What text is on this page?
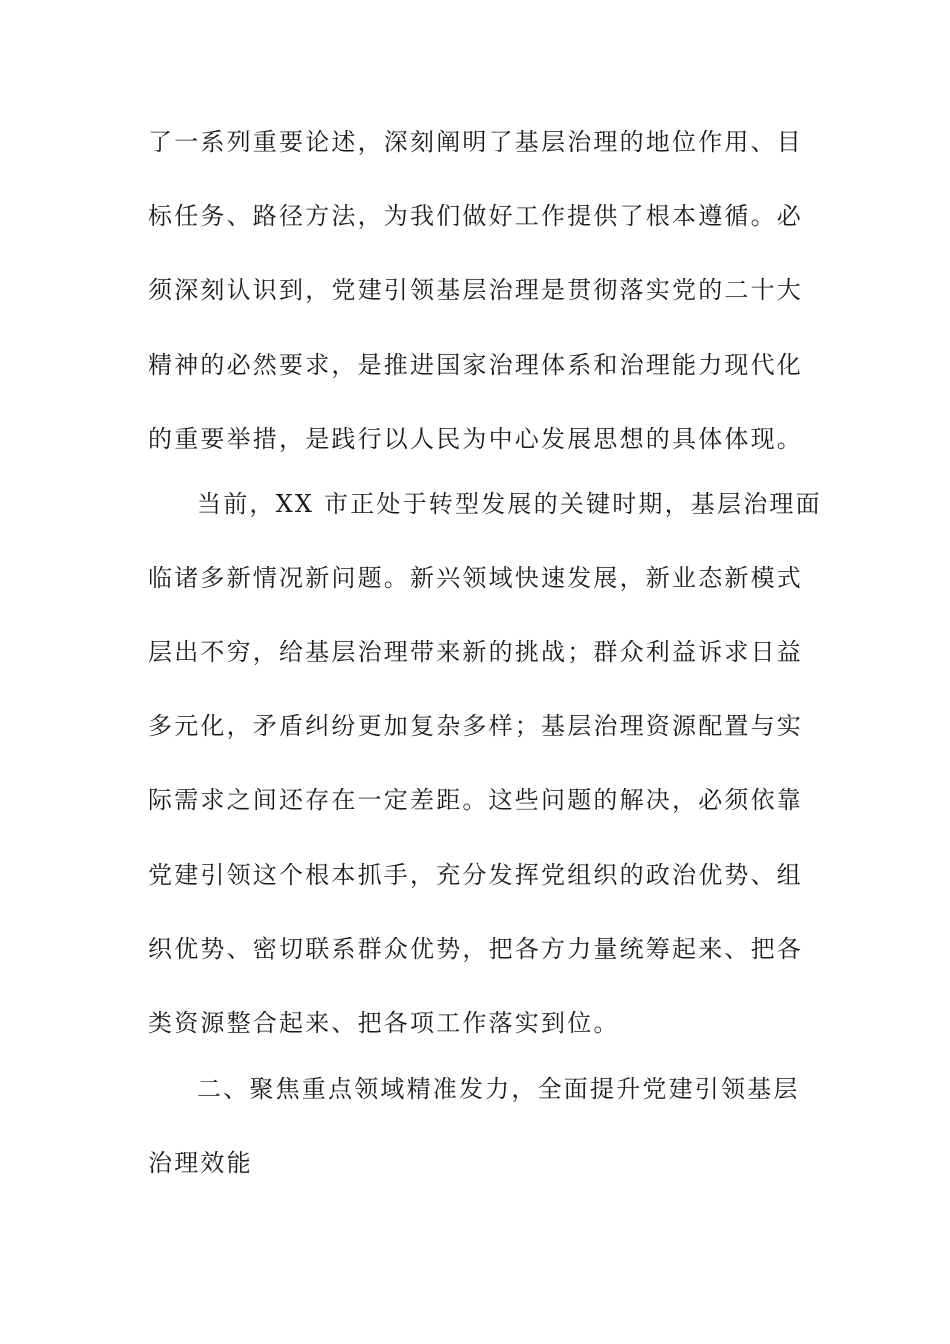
了一系列重要论述，深刻阐明了基层治理的地位作用、目
标任务、路径方法，为我们做好工作提供了根本遵循。必
须深刻认识到，党建引领基层治理是贯彻落实党的二十大
精神的必然要求，是推进国家治理体系和治理能力现代化
的重要举措，是践行以人民为中心发展思想的具体体现。
当前，XX 市正处于转型发展的关键时期，基层治理面
临诸多新情况新问题。新兴领域快速发展，新业态新模式
层出不穷，给基层治理带来新的挑战；群众利益诉求日益
多元化，矛盾纠纷更加复杂多样；基层治理资源配置与实
际需求之间还存在一定差距。这些问题的解决，必须依靠
党建引领这个根本抓手，充分发挥党组织的政治优势、组
织优势、密切联系群众优势，把各方力量统筹起来、把各
类资源整合起来、把各项工作落实到位。
二、聚焦重点领域精准发力，全面提升党建引领基层
治理效能
